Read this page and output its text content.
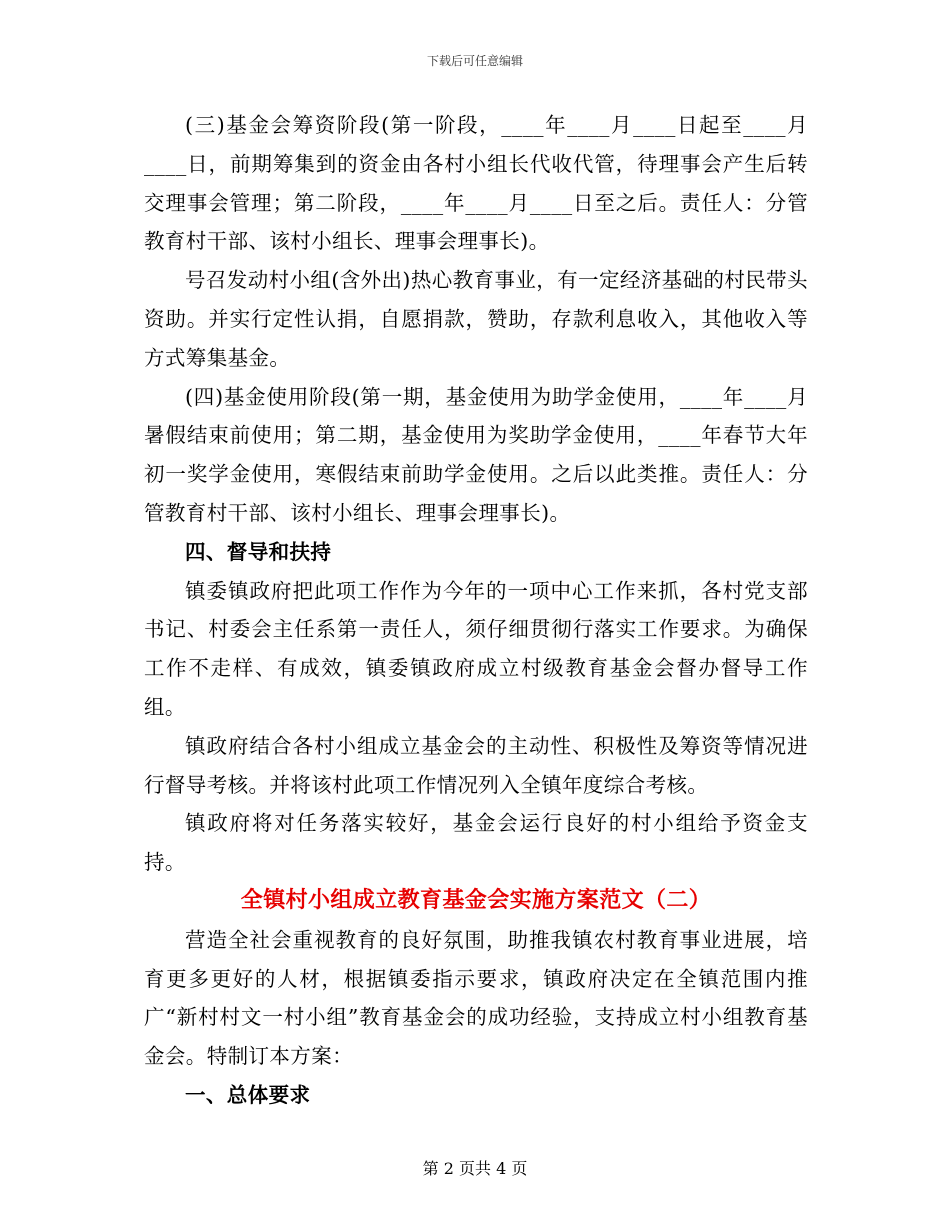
下载后可任意编辑

(三)基金会筹资阶段(第一阶段，____年____月____日起至____月____日，前期筹集到的资金由各村小组长代收代管，待理事会产生后转交理事会管理；第二阶段，____年____月____日至之后。责任人：分管教育村干部、该村小组长、理事会理事长)。

号召发动村小组(含外出)热心教育事业，有一定经济基础的村民带头资助。并实行定性认捐，自愿捐款，赞助，存款利息收入，其他收入等方式筹集基金。

(四)基金使用阶段(第一期，基金使用为助学金使用，____年____月暑假结束前使用；第二期，基金使用为奖助学金使用，____年春节大年初一奖学金使用，寒假结束前助学金使用。之后以此类推。责任人：分管教育村干部、该村小组长、理事会理事长)。

四、督导和扶持

镇委镇政府把此项工作作为今年的一项中心工作来抓，各村党支部书记、村委会主任系第一责任人，须仔细贯彻行落实工作要求。为确保工作不走样、有成效，镇委镇政府成立村级教育基金会督办督导工作组。

镇政府结合各村小组成立基金会的主动性、积极性及筹资等情况进行督导考核。并将该村此项工作情况列入全镇年度综合考核。

镇政府将对任务落实较好，基金会运行良好的村小组给予资金支持。

全镇村小组成立教育基金会实施方案范文（二）

营造全社会重视教育的良好氛围，助推我镇农村教育事业进展，培育更多更好的人材，根据镇委指示要求，镇政府决定在全镇范围内推广“新村村文一村小组”教育基金会的成功经验，支持成立村小组教育基金会。特制订本方案：

一、总体要求

第 2 页共 4 页
